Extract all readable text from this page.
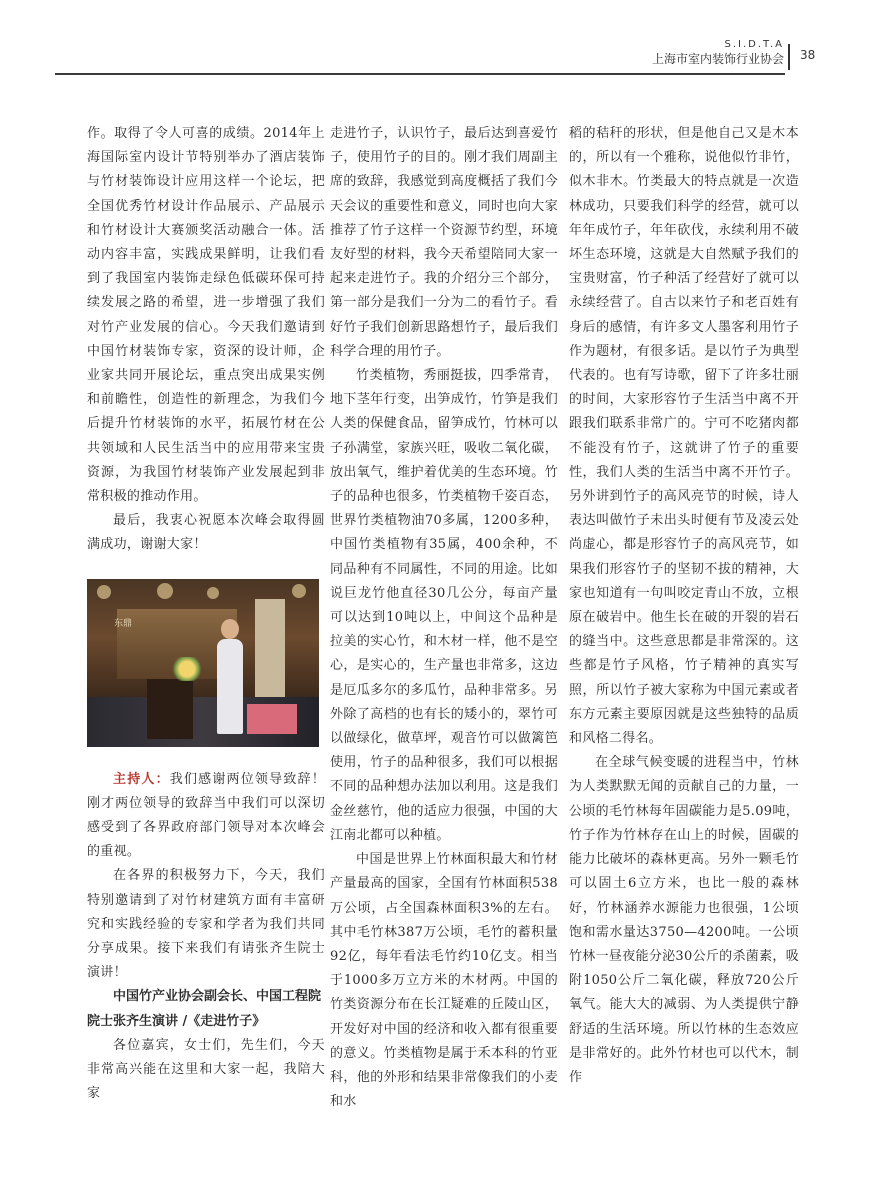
S.I.D.T.A
上海市室内装饰行业协会 38

作。取得了令人可喜的成绩。2014年上海国际室内设计节特别举办了酒店装饰与竹材装饰设计应用这样一个论坛，把全国优秀竹材设计作品展示、产品展示和竹材设计大赛颁奖活动融合一体。活动内容丰富，实践成果鲜明，让我们看到了我国室内装饰走绿色低碳环保可持续发展之路的希望，进一步增强了我们对竹产业发展的信心。今天我们邀请到中国竹材装饰专家，资深的设计师，企业家共同开展论坛，重点突出成果实例和前瞻性，创造性的新理念，为我们今后提升竹材装饰的水平，拓展竹材在公共领域和人民生活当中的应用带来宝贵资源，为我国竹材装饰产业发展起到非常积极的推动作用。

最后，我衷心祝愿本次峰会取得圆满成功，谢谢大家！

东鼎

主持人：我们感谢两位领导致辞！刚才两位领导的致辞当中我们可以深切感受到了各界政府部门领导对本次峰会的重视。

在各界的积极努力下，今天，我们特别邀请到了对竹材建筑方面有丰富研究和实践经验的专家和学者为我们共同分享成果。接下来我们有请张齐生院士演讲！

中国竹产业协会副会长、中国工程院院士张齐生演讲 /《走进竹子》

各位嘉宾，女士们，先生们，今天非常高兴能在这里和大家一起，我陪大家

走进竹子，认识竹子，最后达到喜爱竹子，使用竹子的目的。刚才我们周副主席的致辞，我感觉到高度概括了我们今天会议的重要性和意义，同时也向大家推荐了竹子这样一个资源节约型，环境友好型的材料，我今天希望陪同大家一起来走进竹子。我的介绍分三个部分，第一部分是我们一分为二的看竹子。看好竹子我们创新思路想竹子，最后我们科学合理的用竹子。

竹类植物，秀丽挺拔，四季常青，地下茎年行变，出笋成竹，竹笋是我们人类的保健食品，留笋成竹，竹林可以子孙满堂，家族兴旺，吸收二氧化碳，放出氧气，维护着优美的生态环境。竹子的品种也很多，竹类植物千姿百态，世界竹类植物油70多属，1200多种，中国竹类植物有35属，400余种，不同品种有不同属性，不同的用途。比如说巨龙竹他直径30几公分，每亩产量可以达到10吨以上，中间这个品种是拉美的实心竹，和木材一样，他不是空心，是实心的，生产量也非常多，这边是厄瓜多尔的多瓜竹，品种非常多。另外除了高档的也有长的矮小的，翠竹可以做绿化，做草坪，观音竹可以做篱笆使用，竹子的品种很多，我们可以根据不同的品种想办法加以利用。这是我们金丝慈竹，他的适应力很强，中国的大江南北都可以种植。

中国是世界上竹林面积最大和竹材产量最高的国家，全国有竹林面积538万公顷，占全国森林面积3%的左右。其中毛竹林387万公顷，毛竹的蓄积量92亿，每年看法毛竹约10亿支。相当于1000多万立方米的木材两。中国的竹类资源分布在长江疑难的丘陵山区，开发好对中国的经济和收入都有很重要的意义。竹类植物是属于禾本科的竹亚科，他的外形和结果非常像我们的小麦和水

稻的秸秆的形状，但是他自己又是木本的，所以有一个雅称，说他似竹非竹，似木非木。竹类最大的特点就是一次造林成功，只要我们科学的经营，就可以年年成竹子，年年砍伐，永续利用不破坏生态环境，这就是大自然赋予我们的宝贵财富，竹子种活了经营好了就可以永续经营了。自古以来竹子和老百姓有身后的感情，有许多文人墨客利用竹子作为题材，有很多话。是以竹子为典型代表的。也有写诗歌，留下了许多壮丽的时间，大家形容竹子生活当中离不开跟我们联系非常广的。宁可不吃猪肉都不能没有竹子，这就讲了竹子的重要性，我们人类的生活当中离不开竹子。另外讲到竹子的高风亮节的时候，诗人表达叫做竹子未出头时便有节及凌云处尚虚心，都是形容竹子的高风亮节，如果我们形容竹子的坚韧不拔的精神，大家也知道有一句叫咬定青山不放，立根原在破岩中。他生长在破的开裂的岩石的缝当中。这些意思都是非常深的。这些都是竹子风格，竹子精神的真实写照，所以竹子被大家称为中国元素或者东方元素主要原因就是这些独特的品质和风格二得名。

在全球气候变暖的进程当中，竹林为人类默默无闻的贡献自己的力量，一公顷的毛竹林每年固碳能力是5.09吨，竹子作为竹林存在山上的时候，固碳的能力比破坏的森林更高。另外一颗毛竹可以固土6立方米，也比一般的森林好，竹林涵养水源能力也很强，1公顷饱和需水量达3750—4200吨。一公顷竹林一昼夜能分泌30公斤的杀菌素，吸附1050公斤二氧化碳，释放720公斤氧气。能大大的减弱、为人类提供宁静舒适的生活环境。所以竹林的生态效应是非常好的。此外竹材也可以代木，制作
